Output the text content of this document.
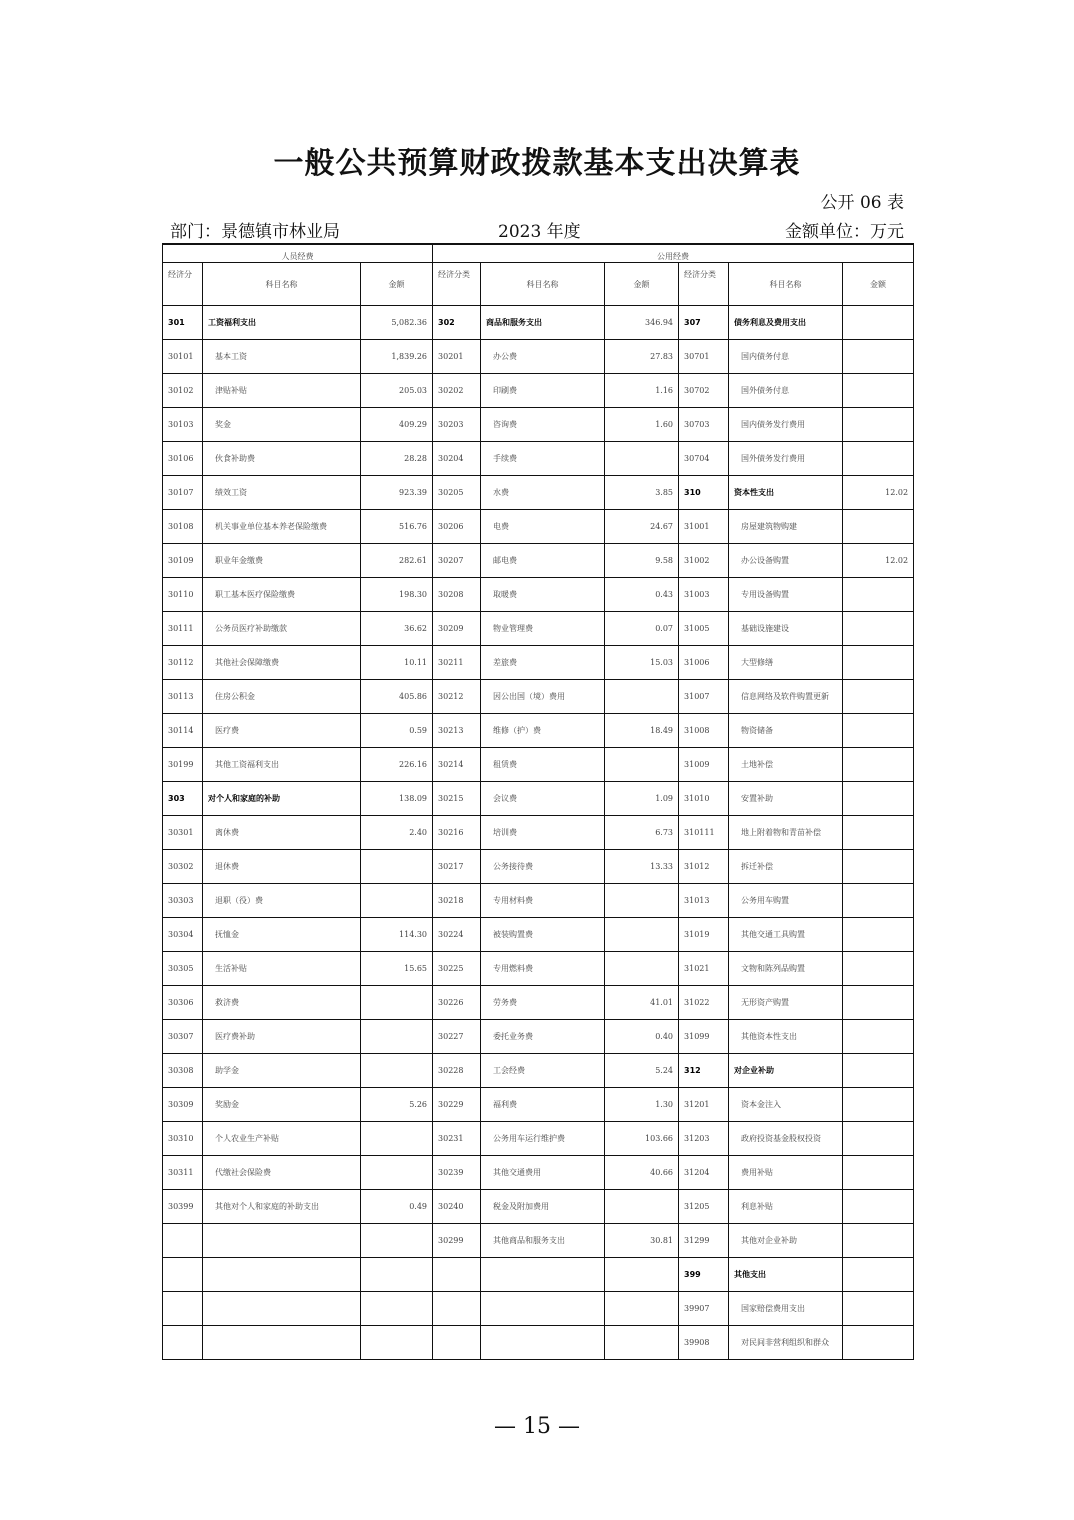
一般公共预算财政拨款基本支出决算表
公开 06 表
部门：景德镇市林业局	2023 年度	金额单位：万元
人员经费			公用经费					
经济分	科目名称	金额	经济分类	科目名称	金额	经济分类	科目名称	金额
301	工资福利支出	5,082.36	302	商品和服务支出	346.94	307	债务利息及费用支出	
30101	基本工资	1,839.26	30201	办公费	27.83	30701	国内债务付息	
30102	津贴补贴	205.03	30202	印刷费	1.16	30702	国外债务付息	
30103	奖金	409.29	30203	咨询费	1.60	30703	国内债务发行费用	
30106	伙食补助费	28.28	30204	手续费		30704	国外债务发行费用	
30107	绩效工资	923.39	30205	水费	3.85	310	资本性支出	12.02
30108	机关事业单位基本养老保险缴费	516.76	30206	电费	24.67	31001	房屋建筑物购建	
30109	职业年金缴费	282.61	30207	邮电费	9.58	31002	办公设备购置	12.02
30110	职工基本医疗保险缴费	198.30	30208	取暖费	0.43	31003	专用设备购置	
30111	公务员医疗补助缴款	36.62	30209	物业管理费	0.07	31005	基础设施建设	
30112	其他社会保障缴费	10.11	30211	差旅费	15.03	31006	大型修缮	
30113	住房公积金	405.86	30212	因公出国（境）费用		31007	信息网络及软件购置更新	
30114	医疗费	0.59	30213	维修（护）费	18.49	31008	物资储备	
30199	其他工资福利支出	226.16	30214	租赁费		31009	土地补偿	
303	对个人和家庭的补助	138.09	30215	会议费	1.09	31010	安置补助	
30301	离休费	2.40	30216	培训费	6.73	310111	地上附着物和青苗补偿	
30302	退休费		30217	公务接待费	13.33	31012	拆迁补偿	
30303	退职（役）费		30218	专用材料费		31013	公务用车购置	
30304	抚恤金	114.30	30224	被装购置费		31019	其他交通工具购置	
30305	生活补贴	15.65	30225	专用燃料费		31021	文物和陈列品购置	
30306	救济费		30226	劳务费	41.01	31022	无形资产购置	
30307	医疗费补助		30227	委托业务费	0.40	31099	其他资本性支出	
30308	助学金		30228	工会经费	5.24	312	对企业补助	
30309	奖励金	5.26	30229	福利费	1.30	31201	资本金注入	
30310	个人农业生产补贴		30231	公务用车运行维护费	103.66	31203	政府投资基金股权投资	
30311	代缴社会保险费		30239	其他交通费用	40.66	31204	费用补贴	
30399	其他对个人和家庭的补助支出	0.49	30240	税金及附加费用		31205	利息补贴	
			30299	其他商品和服务支出	30.81	31299	其他对企业补助	
						399	其他支出	
						39907	国家赔偿费用支出	
						39908	对民间非营利组织和群众	
— 15 —
